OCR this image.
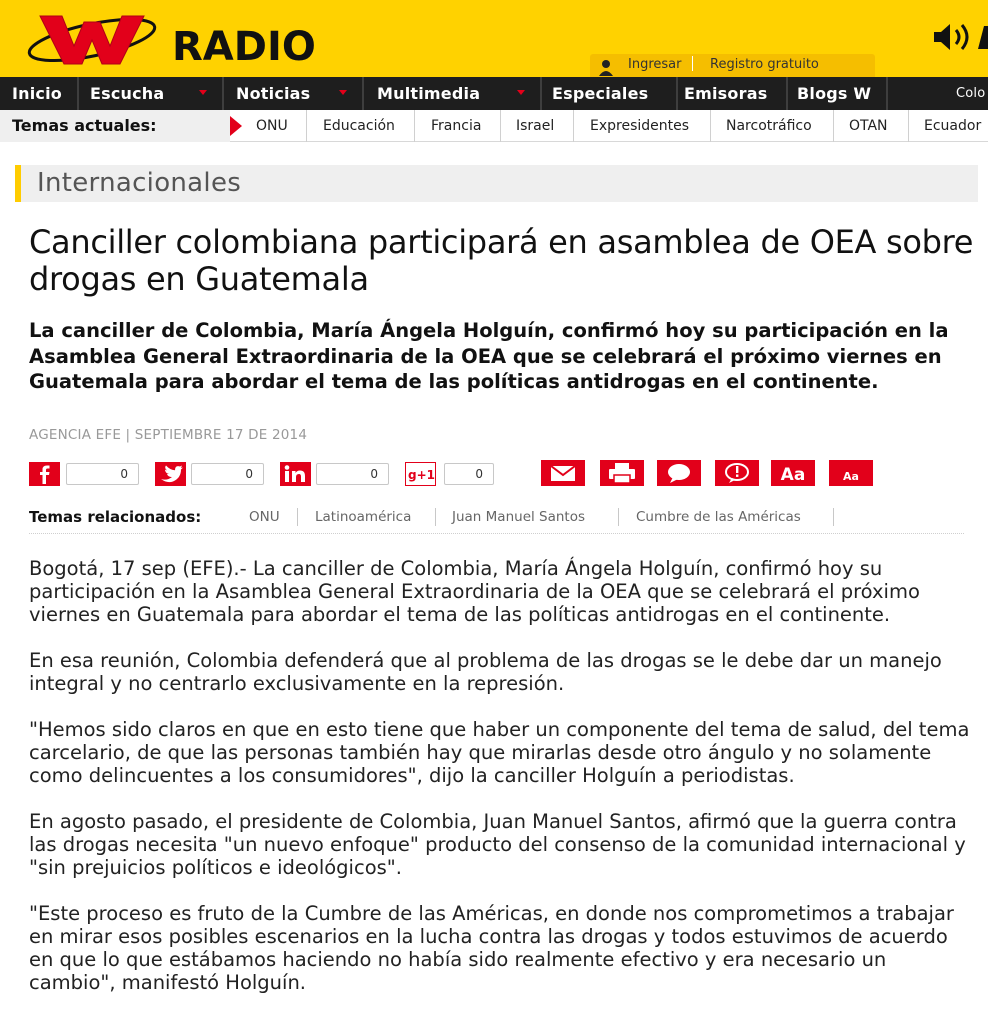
RADIO	Ingresar Registro gratuito
Inicio Escucha	Noticias	Multimedia	Especiales Emisoras Blogs W	Colo
Temas actuales:	ONU	Educación	Francia Israel	Expresidentes	Narcotráfico	OTAN	Ecuador
Internacionales
Canciller colombiana participará en asamblea de OEA sobre drogas en Guatemala
La canciller de Colombia, María Ángela Holguín, confirmó hoy su participación en la Asamblea General Extraordinaria de la OEA que se celebrará el próximo viernes en Guatemala para abordar el tema de las políticas antidrogas en el continente.
AGENCIA EFE | SEPTIEMBRE 17 DE 2014
0	0	0	g+1	0	Aa	Aa
Temas relacionados:	ONU	Latinoamérica	Juan Manuel Santos	Cumbre de las Américas

Bogotá, 17 sep (EFE).- La canciller de Colombia, María Ángela Holguín, confirmó hoy su participación en la Asamblea General Extraordinaria de la OEA que se celebrará el próximo viernes en Guatemala para abordar el tema de las políticas antidrogas en el continente.

En esa reunión, Colombia defenderá que al problema de las drogas se le debe dar un manejo integral y no centrarlo exclusivamente en la represión.

"Hemos sido claros en que en esto tiene que haber un componente del tema de salud, del tema carcelario, de que las personas también hay que mirarlas desde otro ángulo y no solamente como delincuentes a los consumidores", dijo la canciller Holguín a periodistas.

En agosto pasado, el presidente de Colombia, Juan Manuel Santos, afirmó que la guerra contra las drogas necesita "un nuevo enfoque" producto del consenso de la comunidad internacional y "sin prejuicios políticos e ideológicos".

"Este proceso es fruto de la Cumbre de las Américas, en donde nos comprometimos a trabajar en mirar esos posibles escenarios en la lucha contra las drogas y todos estuvimos de acuerdo en que lo que estábamos haciendo no había sido realmente efectivo y era necesario un cambio", manifestó Holguín.
